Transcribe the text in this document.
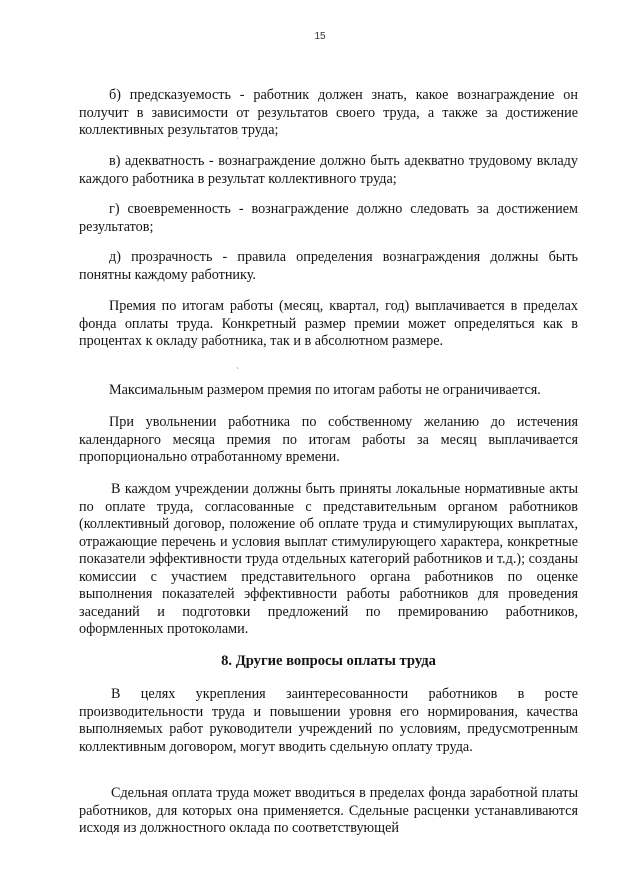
15

б) предсказуемость - работник должен знать, какое вознаграждение он получит в зависимости от результатов своего труда, а также за достижение коллективных результатов труда;

`

в) адекватность - вознаграждение должно быть адекватно трудовому вкладу каждого работника в результат коллективного труда;

г) своевременность - вознаграждение должно следовать за достижением результатов;

д) прозрачность - правила определения вознаграждения должны быть понятны каждому работнику.

Премия по итогам работы (месяц, квартал, год) выплачивается в пределах фонда оплаты труда. Конкретный размер премии может определяться как в процентах к окладу работника, так и в абсолютном размере.

`

Максимальным размером премия по итогам работы не ограничивается.

При увольнении работника по собственному желанию до истечения календарного месяца премия по итогам работы за месяц выплачивается пропорционально отработанному времени.

В каждом учреждении должны быть приняты локальные нормативные акты по оплате труда, согласованные с представительным органом работников (коллективный договор, положение об оплате труда и стимулирующих выплатах, отражающие перечень и условия выплат стимулирующего характера, конкретные показатели эффективности труда отдельных категорий работников и т.д.); созданы комиссии с участием представительного органа работников по оценке выполнения показателей эффективности работы работников для проведения заседаний и подготовки предложений по премированию работников, оформленных протоколами.

8. Другие вопросы оплаты труда

В целях укрепления заинтересованности работников в росте производительности труда и повышении уровня его нормирования, качества выполняемых работ руководители учреждений по условиям, предусмотренным коллективным договором, могут вводить сдельную оплату труда.

Сдельная оплата труда может вводиться в пределах фонда заработной платы работников, для которых она применяется. Сдельные расценки устанавливаются исходя из должностного оклада по соответствующей
